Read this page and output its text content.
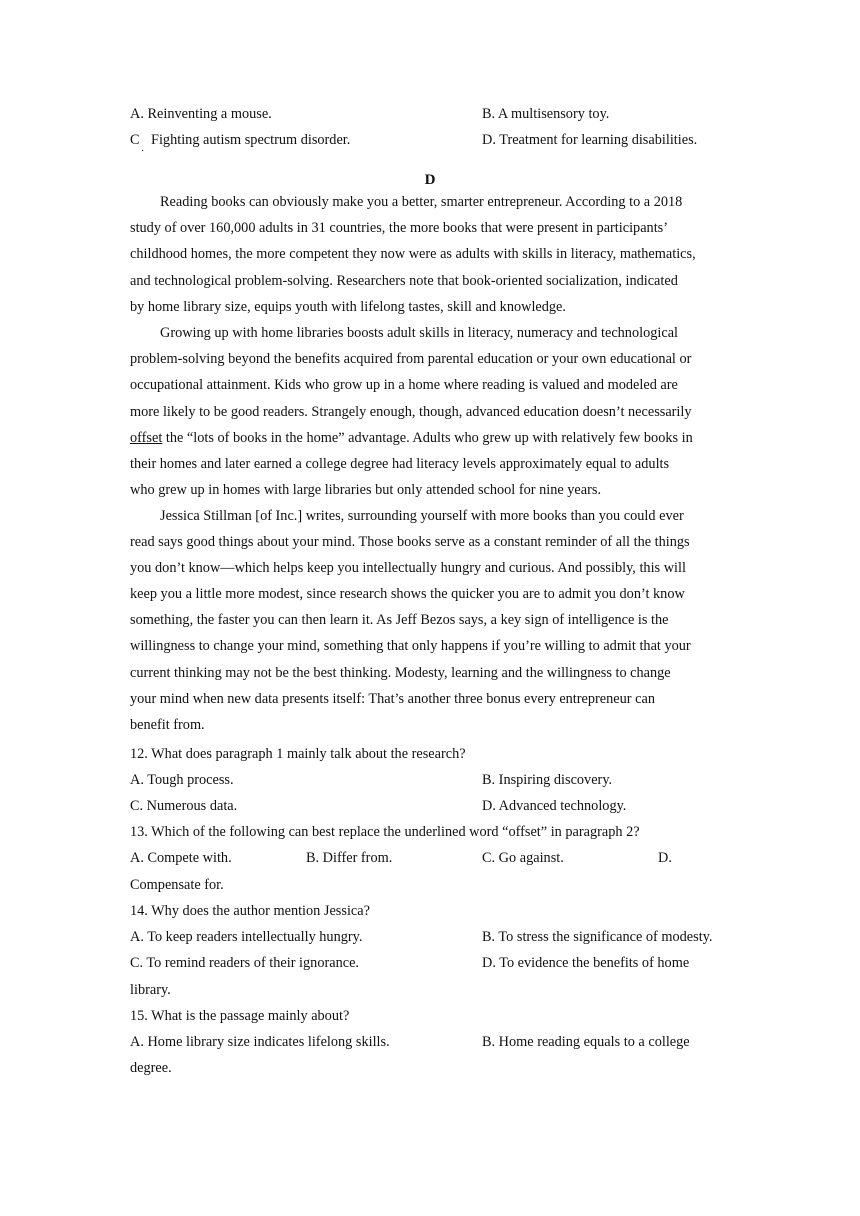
A. Reinventing a mouse.	B. A multisensory toy.
C
·
Fighting autism spectrum disorder.	D. Treatment for learning disabilities.
D
Reading books can obviously make you a better, smarter entrepreneur. According to a 2018
study of over 160,000 adults in 31 countries, the more books that were present in participants’
childhood homes, the more competent they now were as adults with skills in literacy, mathematics,
and technological problem-solving. Researchers note that book-oriented socialization, indicated
by home library size, equips youth with lifelong tastes, skill and knowledge.
Growing up with home libraries boosts adult skills in literacy, numeracy and technological
problem-solving beyond the benefits acquired from parental education or your own educational or
occupational attainment. Kids who grow up in a home where reading is valued and modeled are
more likely to be good readers. Strangely enough, though, advanced education doesn’t necessarily
offset the “lots of books in the home” advantage. Adults who grew up with relatively few books in
their homes and later earned a college degree had literacy levels approximately equal to adults
who grew up in homes with large libraries but only attended school for nine years.
Jessica Stillman [of Inc.] writes, surrounding yourself with more books than you could ever
read says good things about your mind. Those books serve as a constant reminder of all the things
you don’t know—which helps keep you intellectually hungry and curious. And possibly, this will
keep you a little more modest, since research shows the quicker you are to admit you don’t know
something, the faster you can then learn it. As Jeff Bezos says, a key sign of intelligence is the
willingness to change your mind, something that only happens if you’re willing to admit that your
current thinking may not be the best thinking. Modesty, learning and the willingness to change
your mind when new data presents itself: That’s another three bonus every entrepreneur can
benefit from.
12. What does paragraph 1 mainly talk about the research?
A. Tough process.	B. Inspiring discovery.
C. Numerous data.	D. Advanced technology.
13. Which of the following can best replace the underlined word “offset” in paragraph 2?
A. Compete with.	B. Differ from.	C. Go against.	D.
Compensate for.
14. Why does the author mention Jessica?
A. To keep readers intellectually hungry.	B. To stress the significance of modesty.
C. To remind readers of their ignorance.	D. To evidence the benefits of home
library.
15. What is the passage mainly about?
A. Home library size indicates lifelong skills.	B. Home reading equals to a college
degree.
